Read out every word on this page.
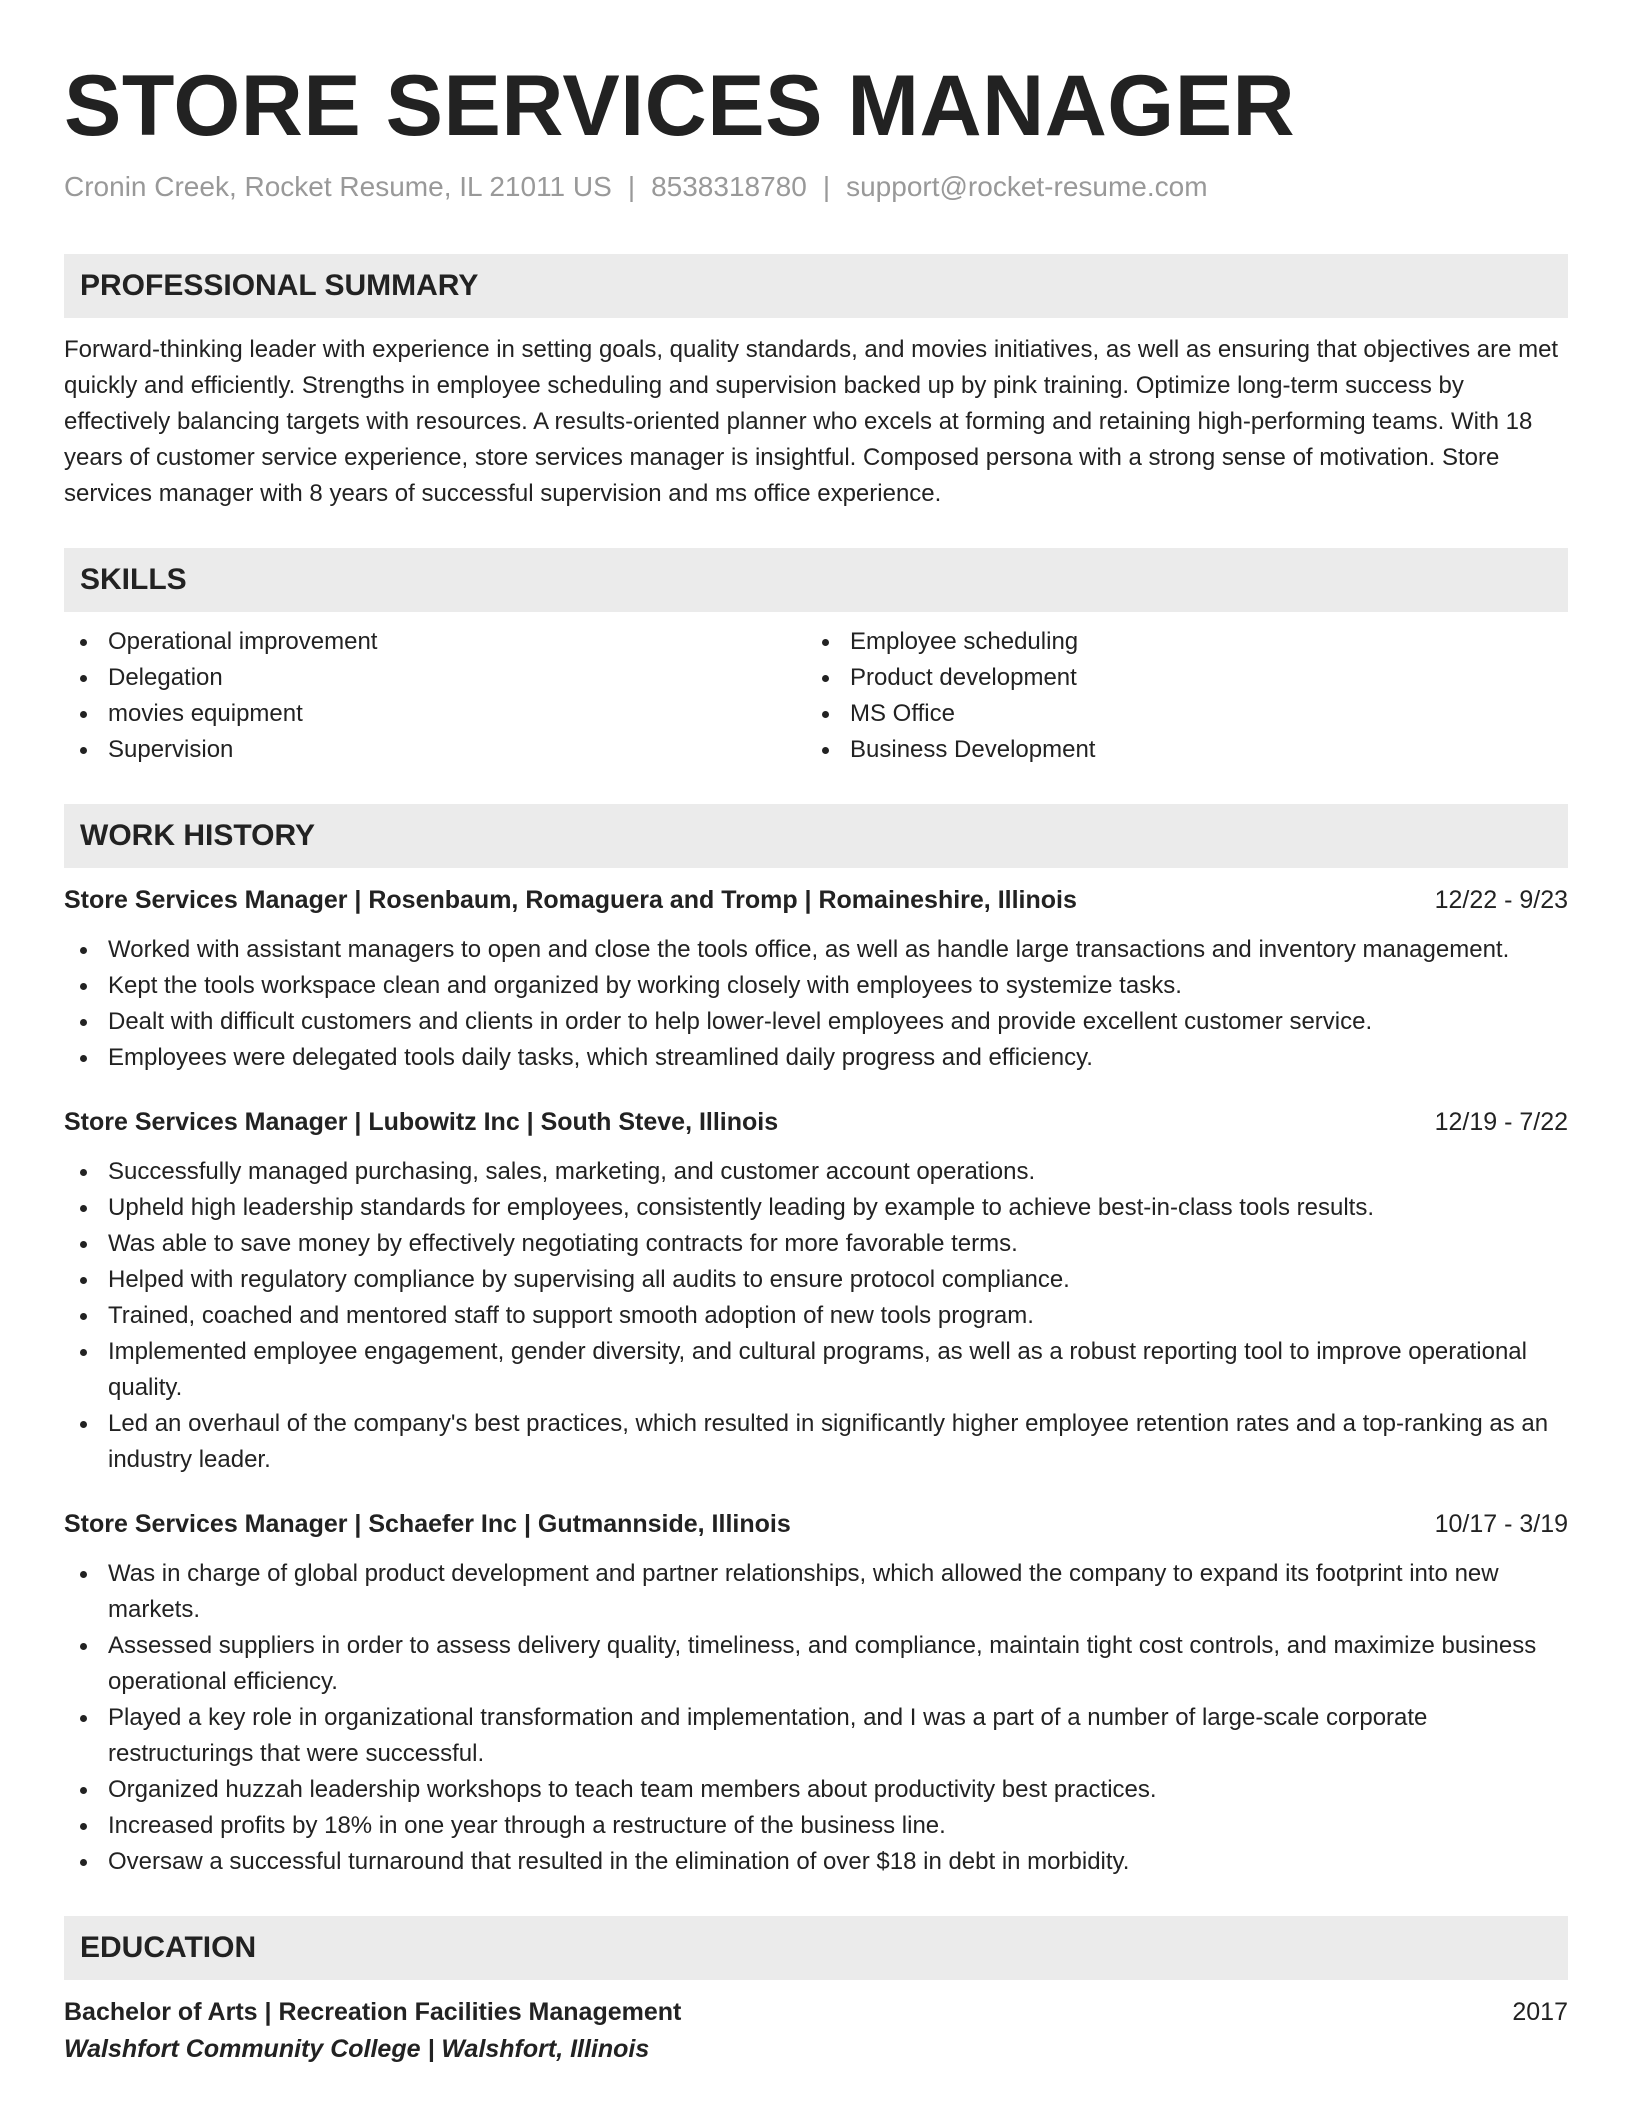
STORE SERVICES MANAGER
Cronin Creek, Rocket Resume, IL 21011 US | 8538318780 | support@rocket-resume.com
PROFESSIONAL SUMMARY
Forward-thinking leader with experience in setting goals, quality standards, and movies initiatives, as well as ensuring that objectives are met quickly and efficiently. Strengths in employee scheduling and supervision backed up by pink training. Optimize long-term success by effectively balancing targets with resources. A results-oriented planner who excels at forming and retaining high-performing teams. With 18 years of customer service experience, store services manager is insightful. Composed persona with a strong sense of motivation. Store services manager with 8 years of successful supervision and ms office experience.
SKILLS
Operational improvement
Delegation
movies equipment
Supervision
Employee scheduling
Product development
MS Office
Business Development
WORK HISTORY
Store Services Manager | Rosenbaum, Romaguera and Tromp | Romaineshire, Illinois	12/22 - 9/23
Worked with assistant managers to open and close the tools office, as well as handle large transactions and inventory management.
Kept the tools workspace clean and organized by working closely with employees to systemize tasks.
Dealt with difficult customers and clients in order to help lower-level employees and provide excellent customer service.
Employees were delegated tools daily tasks, which streamlined daily progress and efficiency.
Store Services Manager | Lubowitz Inc | South Steve, Illinois	12/19 - 7/22
Successfully managed purchasing, sales, marketing, and customer account operations.
Upheld high leadership standards for employees, consistently leading by example to achieve best-in-class tools results.
Was able to save money by effectively negotiating contracts for more favorable terms.
Helped with regulatory compliance by supervising all audits to ensure protocol compliance.
Trained, coached and mentored staff to support smooth adoption of new tools program.
Implemented employee engagement, gender diversity, and cultural programs, as well as a robust reporting tool to improve operational quality.
Led an overhaul of the company's best practices, which resulted in significantly higher employee retention rates and a top-ranking as an industry leader.
Store Services Manager | Schaefer Inc | Gutmannside, Illinois	10/17 - 3/19
Was in charge of global product development and partner relationships, which allowed the company to expand its footprint into new markets.
Assessed suppliers in order to assess delivery quality, timeliness, and compliance, maintain tight cost controls, and maximize business operational efficiency.
Played a key role in organizational transformation and implementation, and I was a part of a number of large-scale corporate restructurings that were successful.
Organized huzzah leadership workshops to teach team members about productivity best practices.
Increased profits by 18% in one year through a restructure of the business line.
Oversaw a successful turnaround that resulted in the elimination of over $18 in debt in morbidity.
EDUCATION
Bachelor of Arts | Recreation Facilities Management	2017
Walshfort Community College | Walshfort, Illinois
